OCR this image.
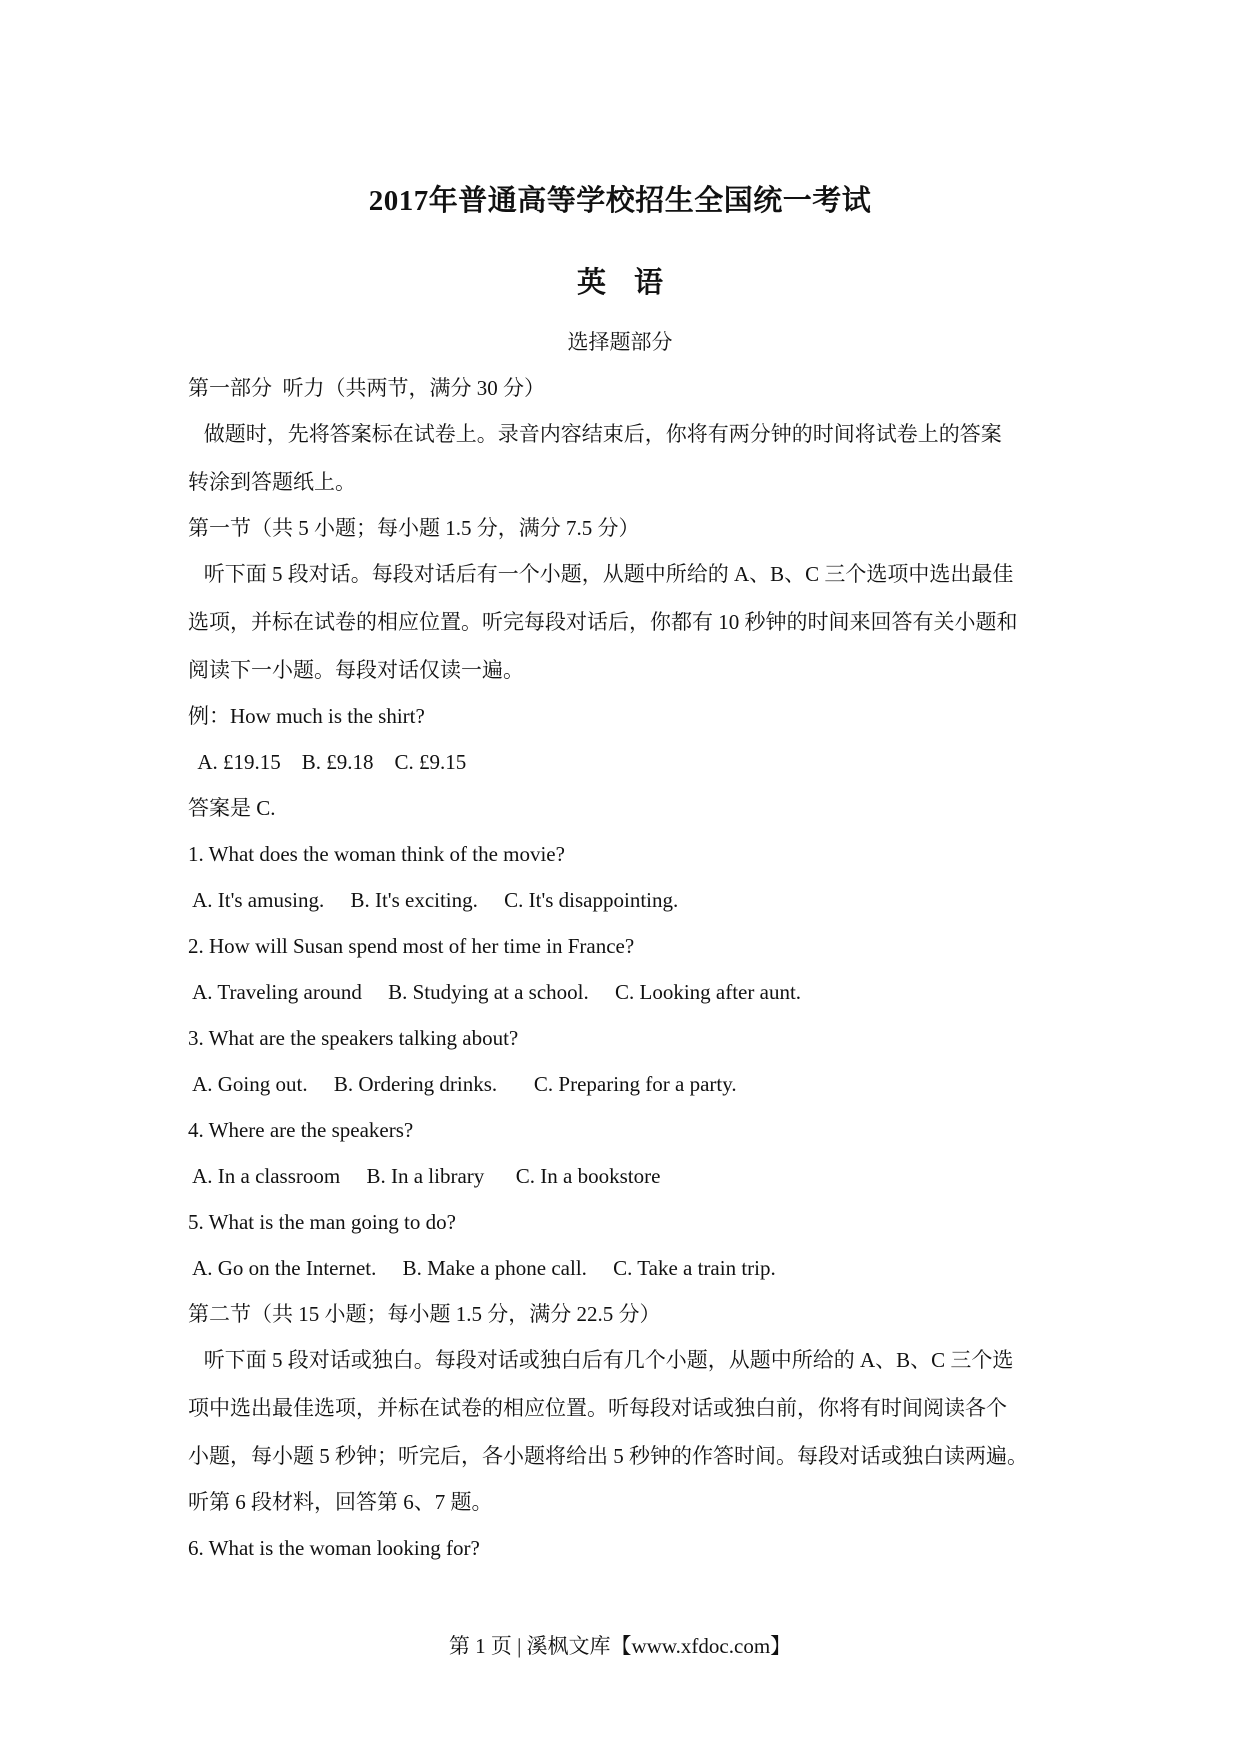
2017年普通高等学校招生全国统一考试
英语
选择题部分
第一部分  听力（共两节，满分 30 分）
做题时，先将答案标在试卷上。录音内容结束后，你将有两分钟的时间将试卷上的答案
转涂到答题纸上。
第一节（共 5 小题；每小题 1.5 分，满分 7.5 分）
听下面 5 段对话。每段对话后有一个小题，从题中所给的 A、B、C 三个选项中选出最佳
选项，并标在试卷的相应位置。听完每段对话后，你都有 10 秒钟的时间来回答有关小题和
阅读下一小题。每段对话仅读一遍。
例：How much is the shirt?
A. £19.15    B. £9.18    C. £9.15
答案是 C.
1. What does the woman think of the movie?
A. It's amusing.     B. It's exciting.     C. It's disappointing.
2. How will Susan spend most of her time in France?
A. Traveling around     B. Studying at a school.     C. Looking after aunt.
3. What are the speakers talking about?
A. Going out.     B. Ordering drinks.       C. Preparing for a party.
4. Where are the speakers?
A. In a classroom     B. In a library      C. In a bookstore
5. What is the man going to do?
A. Go on the Internet.     B. Make a phone call.     C. Take a train trip.
第二节（共 15 小题；每小题 1.5 分，满分 22.5 分）
听下面 5 段对话或独白。每段对话或独白后有几个小题，从题中所给的 A、B、C 三个选
项中选出最佳选项，并标在试卷的相应位置。听每段对话或独白前，你将有时间阅读各个
小题，每小题 5 秒钟；听完后，各小题将给出 5 秒钟的作答时间。每段对话或独白读两遍。
听第 6 段材料，回答第 6、7 题。
6. What is the woman looking for?
第 1 页 | 溪枫文库【www.xfdoc.com】
